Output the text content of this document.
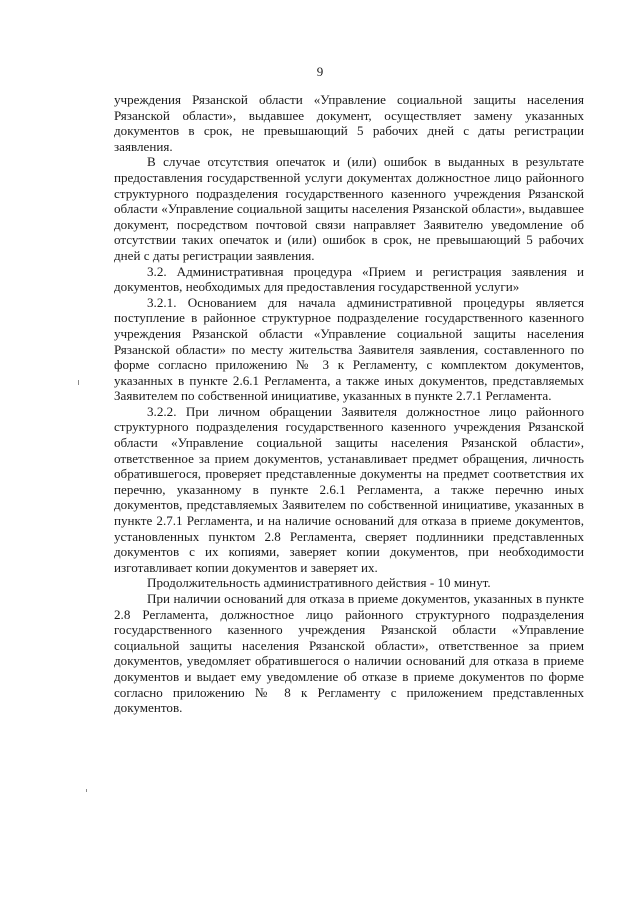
9

учреждения Рязанской области «Управление социальной защиты населения Рязанской области», выдавшее документ, осуществляет замену указанных документов в срок, не превышающий 5 рабочих дней с даты регистрации заявления.

В случае отсутствия опечаток и (или) ошибок в выданных в результате предоставления государственной услуги документах должностное лицо районного структурного подразделения государственного казенного учреждения Рязанской области «Управление социальной защиты населения Рязанской области», выдавшее документ, посредством почтовой связи направляет Заявителю уведомление об отсутствии таких опечаток и (или) ошибок в срок, не превышающий 5 рабочих дней с даты регистрации заявления.

3.2. Административная процедура «Прием и регистрация заявления и документов, необходимых для предоставления государственной услуги»

3.2.1. Основанием для начала административной процедуры является поступление в районное структурное подразделение государственного казенного учреждения Рязанской области «Управление социальной защиты населения Рязанской области» по месту жительства Заявителя заявления, составленного по форме согласно приложению № 3 к Регламенту, с комплектом документов, указанных в пункте 2.6.1 Регламента, а также иных документов, представляемых Заявителем по собственной инициативе, указанных в пункте 2.7.1 Регламента.

3.2.2. При личном обращении Заявителя должностное лицо районного структурного подразделения государственного казенного учреждения Рязанской области «Управление социальной защиты населения Рязанской области», ответственное за прием документов, устанавливает предмет обращения, личность обратившегося, проверяет представленные документы на предмет соответствия их перечню, указанному в пункте 2.6.1 Регламента, а также перечню иных документов, представляемых Заявителем по собственной инициативе, указанных в пункте 2.7.1 Регламента, и на наличие оснований для отказа в приеме документов, установленных пунктом 2.8 Регламента, сверяет подлинники представленных документов с их копиями, заверяет копии документов, при необходимости изготавливает копии документов и заверяет их.

Продолжительность административного действия - 10 минут.

При наличии оснований для отказа в приеме документов, указанных в пункте 2.8 Регламента, должностное лицо районного структурного подразделения государственного казенного учреждения Рязанской области «Управление социальной защиты населения Рязанской области», ответственное за прием документов, уведомляет обратившегося о наличии оснований для отказа в приеме документов и выдает ему уведомление об отказе в приеме документов по форме согласно приложению № 8 к Регламенту с приложением представленных документов.
